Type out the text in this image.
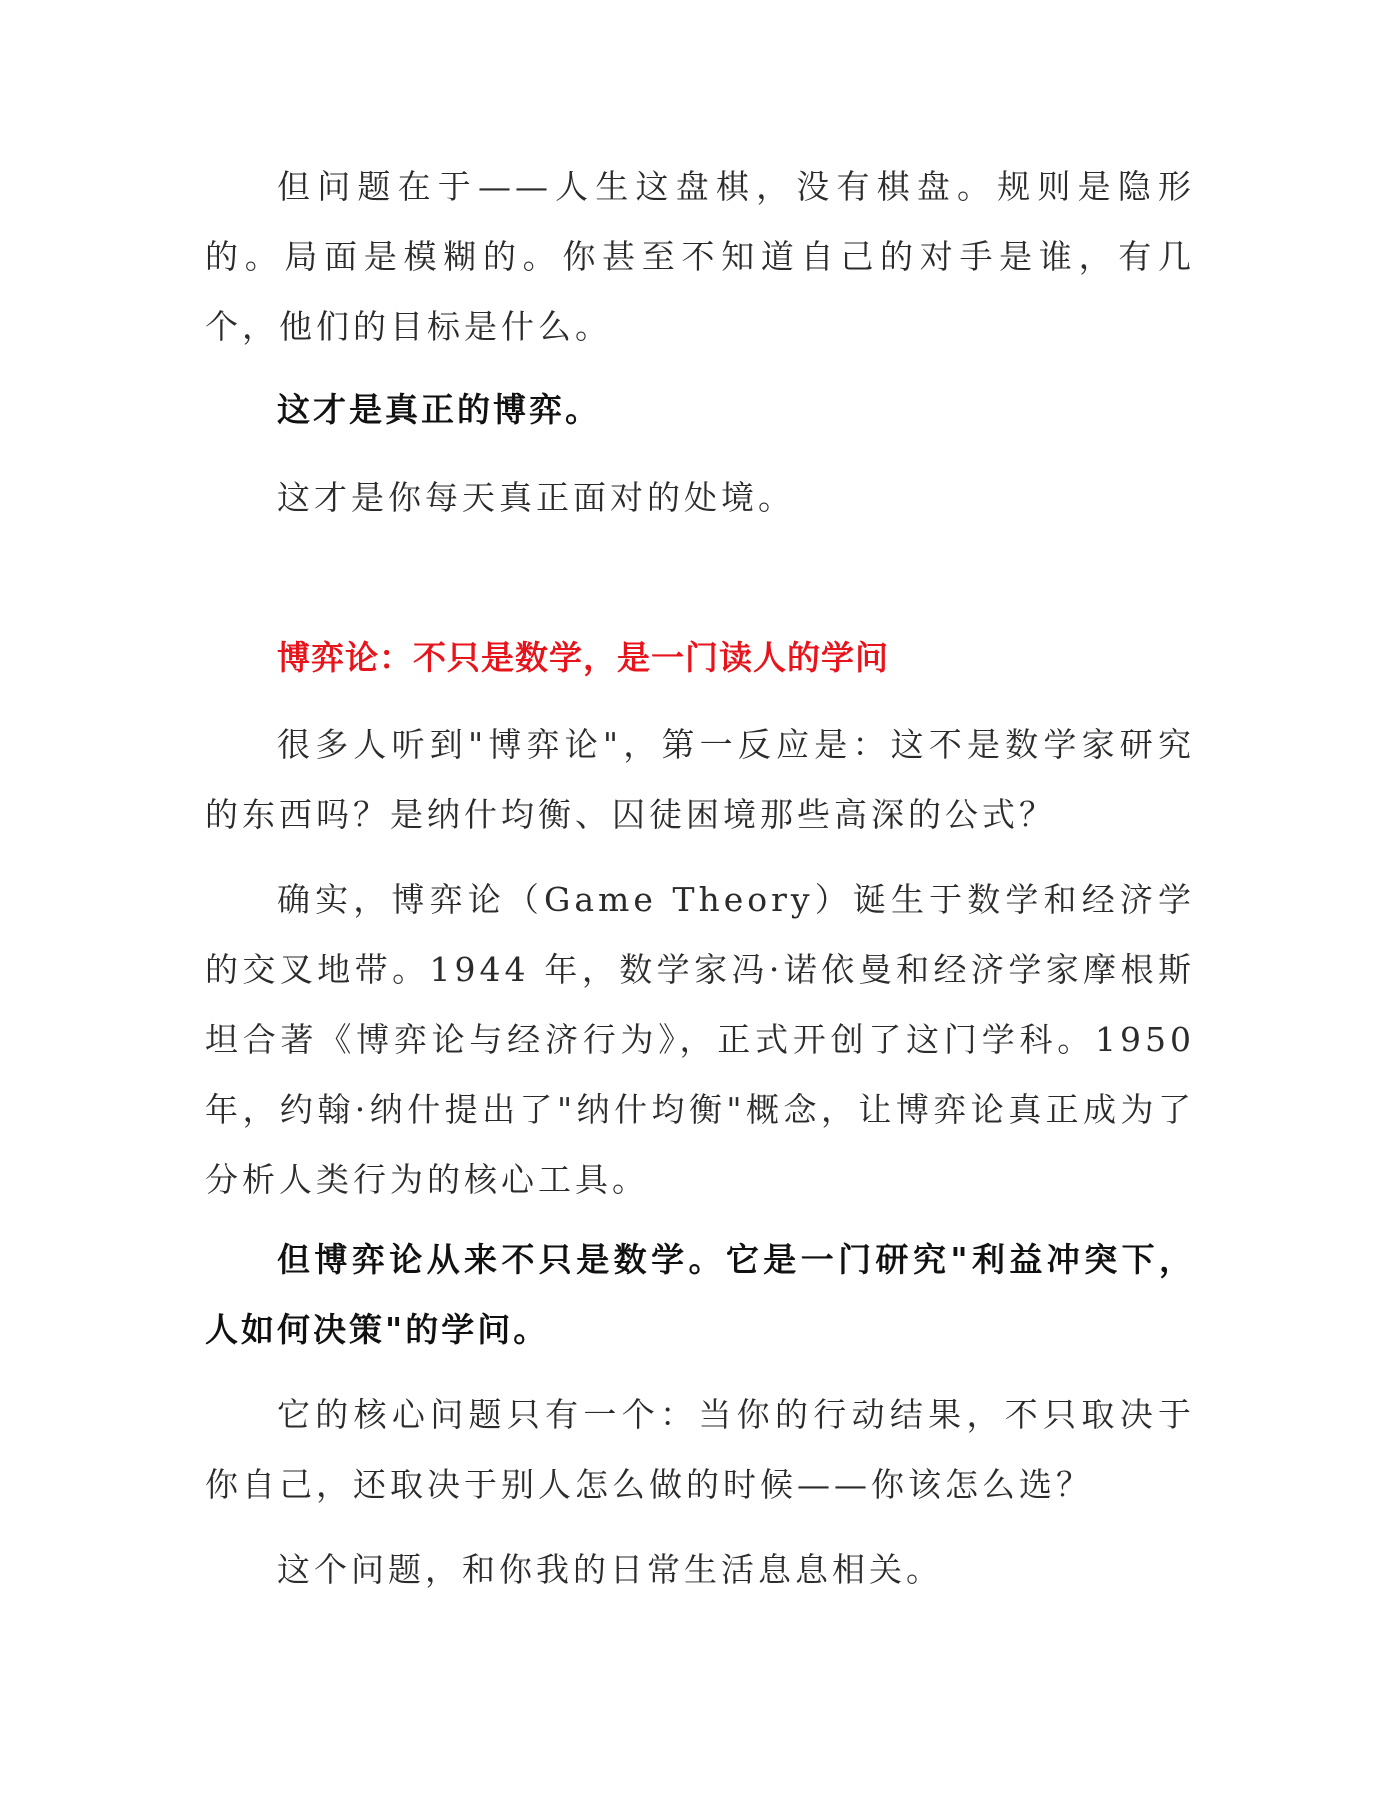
但问题在于——人生这盘棋，没有棋盘。规则是隐形的。局面是模糊的。你甚至不知道自己的对手是谁，有几个，他们的目标是什么。

这才是真正的博弈。

这才是你每天真正面对的处境。

博弈论：不只是数学，是一门读人的学问

很多人听到"博弈论"，第一反应是：这不是数学家研究的东西吗？是纳什均衡、囚徒困境那些高深的公式？

确实，博弈论（Game Theory）诞生于数学和经济学的交叉地带。1944 年，数学家冯·诺依曼和经济学家摩根斯坦合著《博弈论与经济行为》，正式开创了这门学科。1950 年，约翰·纳什提出了"纳什均衡"概念，让博弈论真正成为了分析人类行为的核心工具。

但博弈论从来不只是数学。它是一门研究"利益冲突下，人如何决策"的学问。

它的核心问题只有一个：当你的行动结果，不只取决于你自己，还取决于别人怎么做的时候——你该怎么选？

这个问题，和你我的日常生活息息相关。
